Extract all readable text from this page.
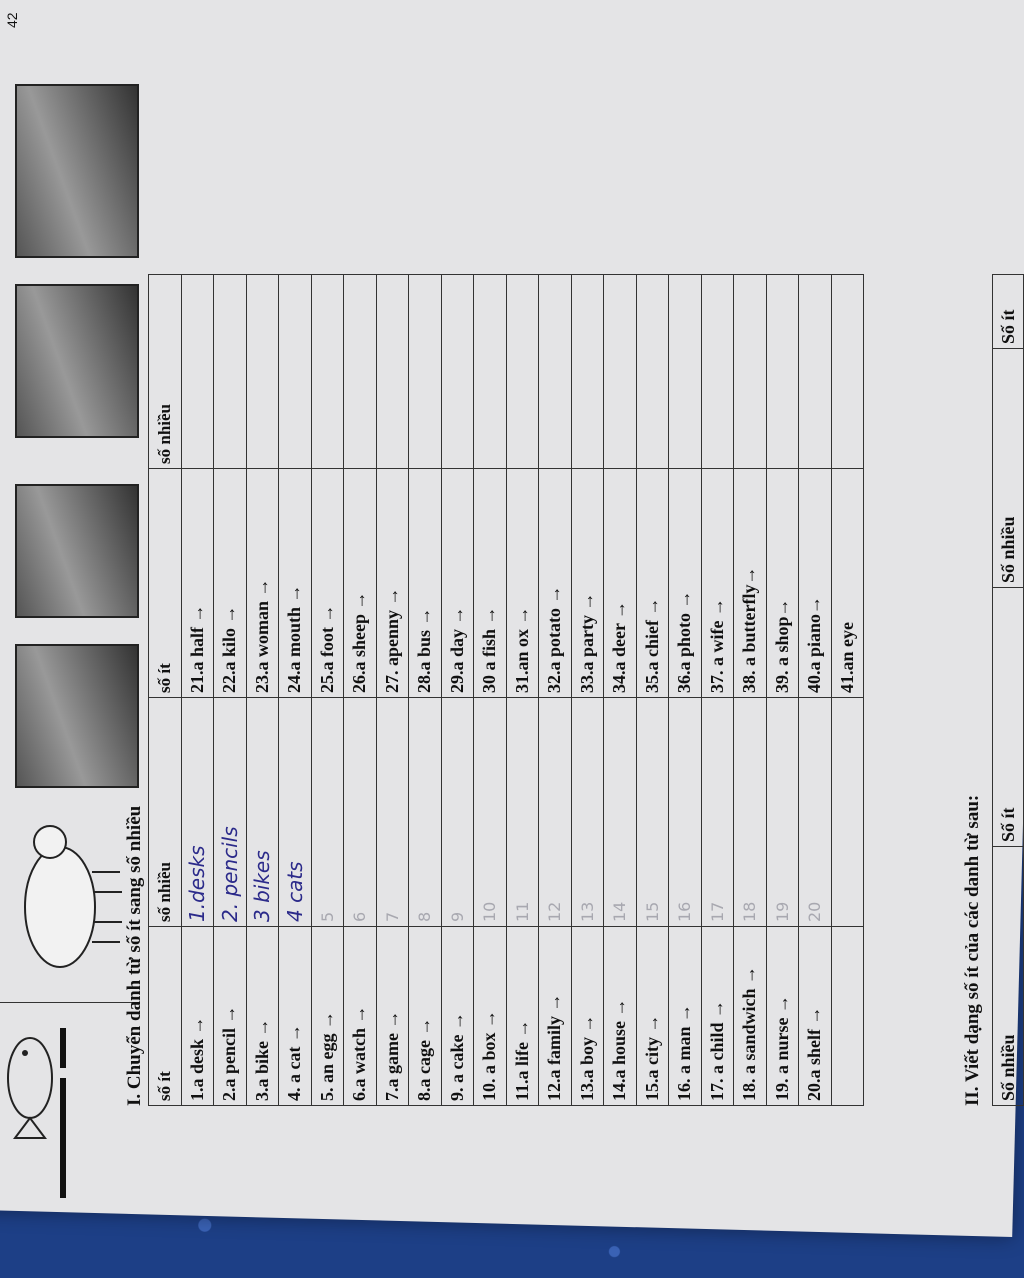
42
I. Chuyển danh từ số ít sang số nhiều số ít	số nhiều	số ít	số nhiều
1.a desk →	1.desks	21.a half →	
2.a pencil →	2. pencils	22.a kilo →	
3.a bike →	3 bikes	23.a woman →	
4. a cat →	4 cats	24.a mouth →	
5. an egg →	5	25.a foot →	
6.a watch →	6	26.a sheep →	
7.a game →	7	27. apenny →	
8.a cage →	8	28.a bus →	
9. a cake →	9	29.a day →	
10. a box →	10	30 a fish →	
11.a life →	11	31.an ox →	
12.a family →	12	32.a potato →	
13.a boy →	13	33.a party →	
14.a house →	14	34.a deer →	
15.a city →	15	35.a chief →	
16. a man →	16	36.a photo →	
17. a child →	17	37. a wife →	
18. a sandwich →	18	38. a butterfly→	
19. a nurse →	19	39. a shop→	
20.a shelf →	20	40.a piano→	
		41.an eye	
II. Viết dạng số ít của các danh từ sau: Số nhiều	Số ít	Số nhiều	Số ít
